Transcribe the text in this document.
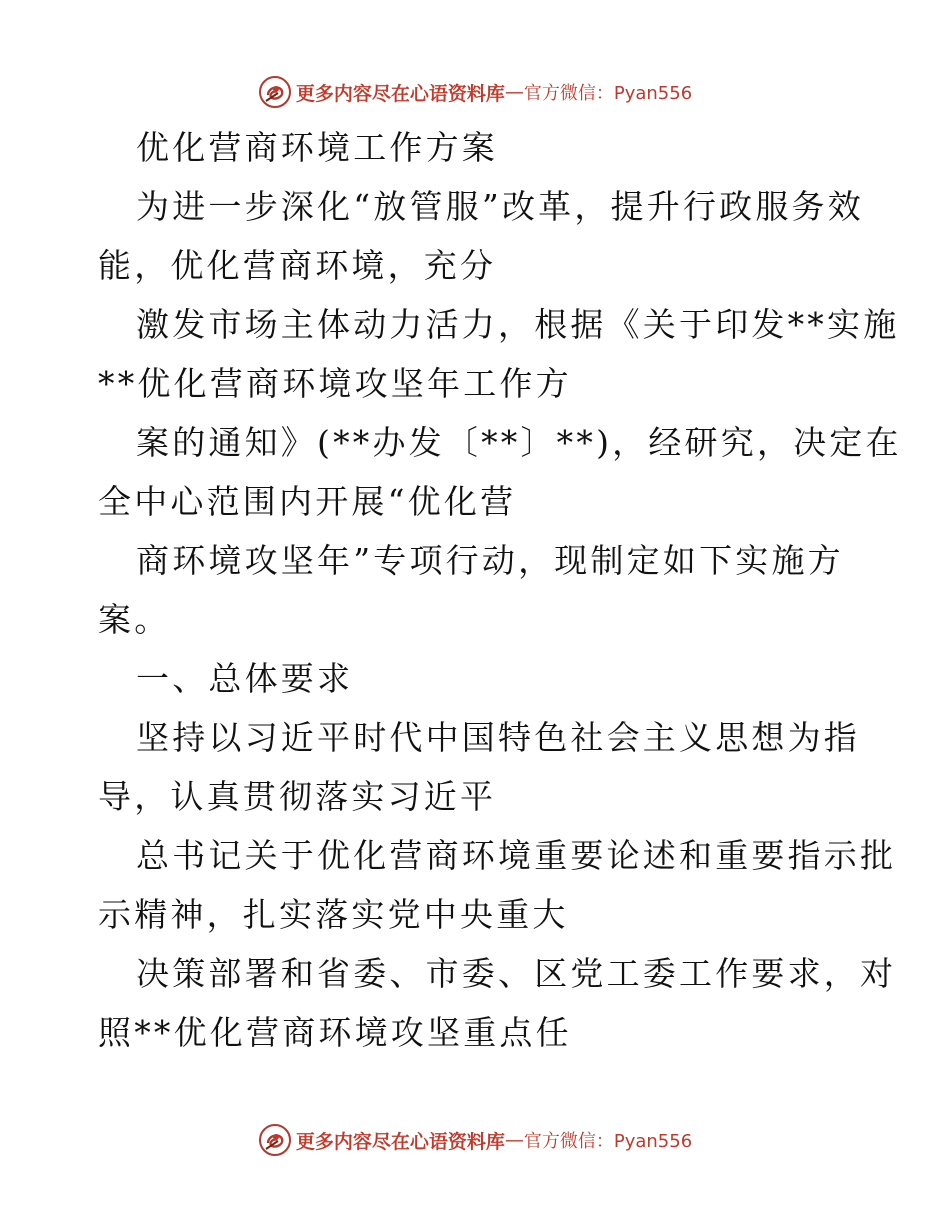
更多内容尽在心语资料库 — 官方微信：Pyan556
优化营商环境工作方案
为进一步深化“放管服”改革，提升行政服务效
能，优化营商环境，充分
激发市场主体动力活力，根据《关于印发**实施
**优化营商环境攻坚年工作方
案的通知》(**办发〔**〕**)，经研究，决定在
全中心范围内开展“优化营
商环境攻坚年”专项行动，现制定如下实施方
案。
一、总体要求
坚持以习近平时代中国特色社会主义思想为指
导，认真贯彻落实习近平
总书记关于优化营商环境重要论述和重要指示批
示精神，扎实落实党中央重大
决策部署和省委、市委、区党工委工作要求，对
照**优化营商环境攻坚重点任
更多内容尽在心语资料库 — 官方微信：Pyan556
